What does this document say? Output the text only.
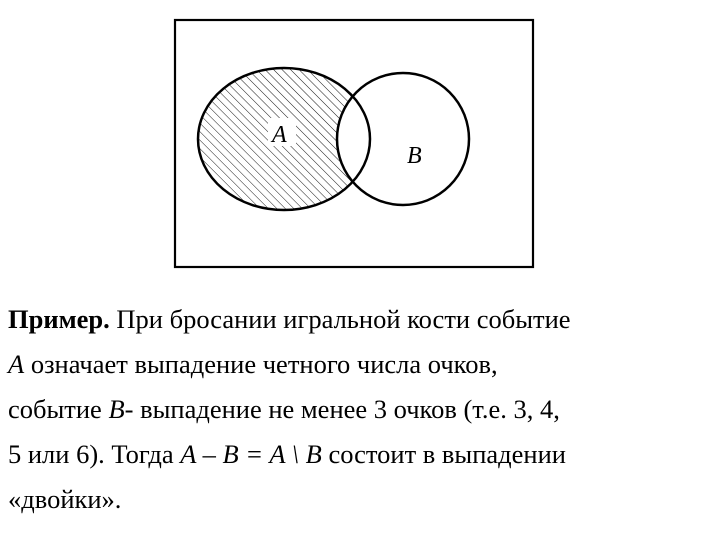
A
B
Пример. При бросании игральной кости событие
A означает выпадение четного числа очков,
событие B- выпадение не менее 3 очков (т.е. 3, 4,
5 или 6). Тогда A – B = A \ B состоит в выпадении
«двойки».
